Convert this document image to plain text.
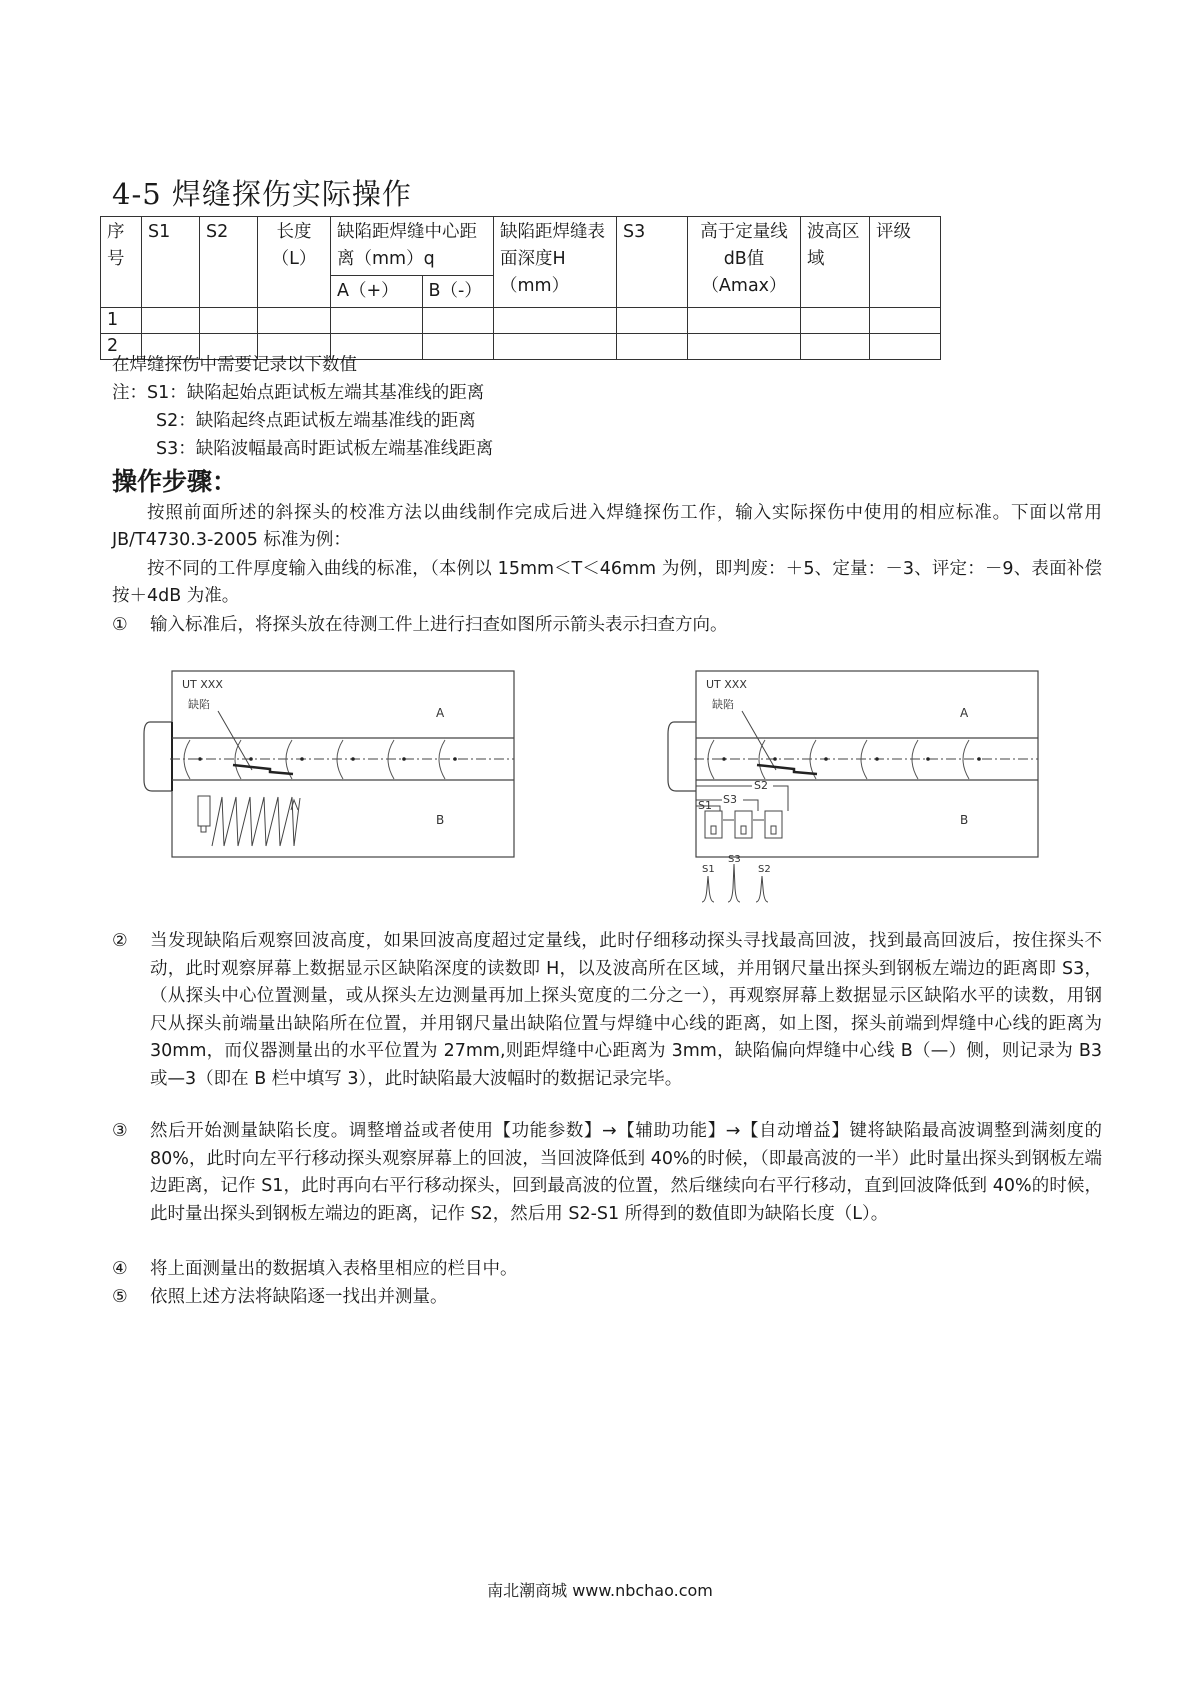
4-5 焊缝探伤实际操作
序号	S1	S2	长度（L）	缺陷距焊缝中心距离（mm）q		缺陷距焊缝表面深度H（mm）	S3	高于定量线dB值（Amax）	波高区域	评级
				A（+）	B（-）					
1										
2										
在焊缝探伤中需要记录以下数值
注：S1：缺陷起始点距试板左端其基准线的距离
S2：缺陷起终点距试板左端基准线的距离
S3：缺陷波幅最高时距试板左端基准线距离
操作步骤：
按照前面所述的斜探头的校准方法以曲线制作完成后进入焊缝探伤工作，输入实际探伤中使用的相应标准。下面以常用 JB/T4730.3-2005 标准为例：
按不同的工件厚度输入曲线的标准，（本例以 15mm＜T＜46mm 为例，即判废：＋5、定量：－3、评定：－9、表面补偿按＋4dB 为准。
①	输入标准后，将探头放在待测工件上进行扫查如图所示箭头表示扫查方向。
UT XXX
缺陷
A
B
S2
S3
S1
S1
S3
S2
UT XXX
缺陷
A
B
②	当发现缺陷后观察回波高度，如果回波高度超过定量线，此时仔细移动探头寻找最高回波，找到最高回波后，按住探头不动，此时观察屏幕上数据显示区缺陷深度的读数即 H，以及波高所在区域，并用钢尺量出探头到钢板左端边的距离即 S3，（从探头中心位置测量，或从探头左边测量再加上探头宽度的二分之一），再观察屏幕上数据显示区缺陷水平的读数，用钢尺从探头前端量出缺陷所在位置，并用钢尺量出缺陷位置与焊缝中心线的距离，如上图，探头前端到焊缝中心线的距离为 30mm，而仪器测量出的水平位置为 27mm,则距焊缝中心距离为 3mm，缺陷偏向焊缝中心线 B（—）侧，则记录为 B3 或—3（即在 B 栏中填写 3），此时缺陷最大波幅时的数据记录完毕。
③	然后开始测量缺陷长度。调整增益或者使用【功能参数】→【辅助功能】→【自动增益】键将缺陷最高波调整到满刻度的 80%，此时向左平行移动探头观察屏幕上的回波，当回波降低到 40%的时候，（即最高波的一半）此时量出探头到钢板左端边距离，记作 S1，此时再向右平行移动探头，回到最高波的位置，然后继续向右平行移动，直到回波降低到 40%的时候，此时量出探头到钢板左端边的距离，记作 S2，然后用 S2-S1 所得到的数值即为缺陷长度（L）。
④	将上面测量出的数据填入表格里相应的栏目中。
⑤	依照上述方法将缺陷逐一找出并测量。
南北潮商城 www.nbchao.com
